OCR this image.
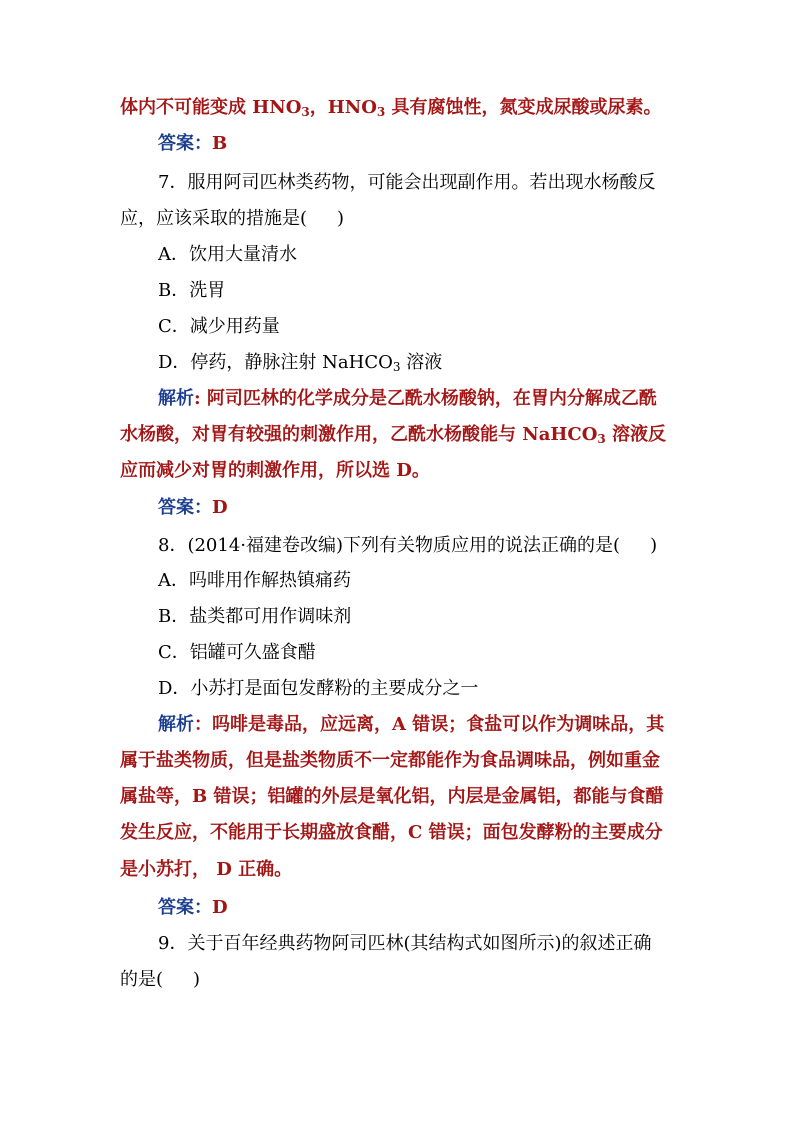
体内不可能变成 $HNO_3$，$HNO_3$ 具有腐蚀性，氮变成尿酸或尿素。
答案：B
7．服用阿司匹林类药物，可能会出现副作用。若出现水杨酸反
应，应该采取的措施是( )
A．饮用大量清水
B．洗胃
C．减少用药量
D．停药，静脉注射 NaHCO$_3$ 溶液
解析: 阿司匹林的化学成分是乙酰水杨酸钠，在胃内分解成乙酰
水杨酸，对胃有较强的刺激作用，乙酰水杨酸能与 NaHCO$_3$ 溶液反
应而减少对胃的刺激作用，所以选 D。
答案：D
8．(2014·福建卷改编)下列有关物质应用的说法正确的是( )
A．吗啡用作解热镇痛药
B．盐类都可用作调味剂
C．铝罐可久盛食醋
D．小苏打是面包发酵粉的主要成分之一
解析：吗啡是毒品，应远离，A 错误；食盐可以作为调味品，其
属于盐类物质，但是盐类物质不一定都能作为食品调味品，例如重金
属盐等，B 错误；铝罐的外层是氧化铝，内层是金属铝，都能与食醋
发生反应，不能用于长期盛放食醋，C 错误；面包发酵粉的主要成分
是小苏打， D 正确。
答案：D
9．关于百年经典药物阿司匹林(其结构式如图所示)的叙述正确
的是( )
